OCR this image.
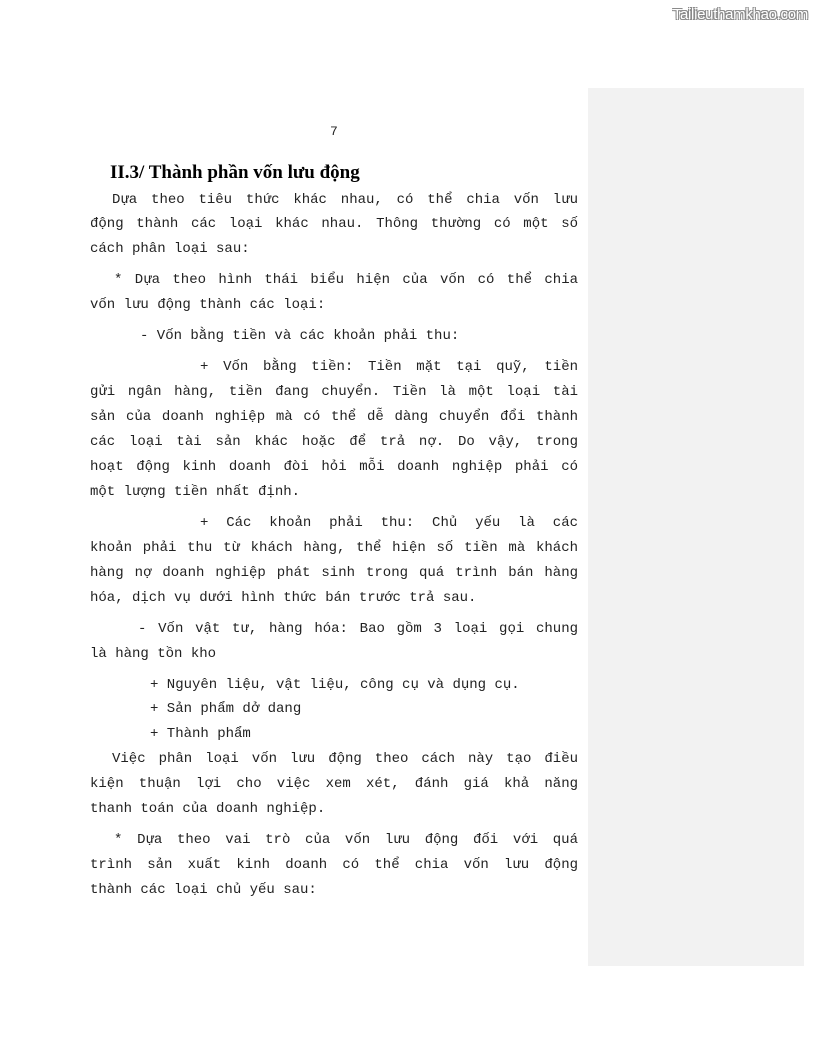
Tailieuthamkhao.com
7
II.3/ Thành phần vốn lưu động

Dựa theo tiêu thức khác nhau, có thể chia vốn lưu

động thành các loại khác nhau. Thông thường có một số

cách phân loại sau:

* Dựa theo hình thái biểu hiện của vốn có thể chia

vốn lưu động thành các loại:

- Vốn bằng tiền và các khoản phải thu:

+ Vốn bằng tiền: Tiền mặt tại quỹ, tiền

gửi ngân hàng, tiền đang chuyển. Tiền là một loại tài

sản của doanh nghiệp mà có thể dễ dàng chuyển đổi thành

các loại tài sản khác hoặc để trả nợ. Do vậy, trong

hoạt động kinh doanh đòi hỏi mỗi doanh nghiệp phải có

một lượng tiền nhất định.

+ Các khoản phải thu: Chủ yếu là các

khoản phải thu từ khách hàng, thể hiện số tiền mà khách

hàng nợ doanh nghiệp phát sinh trong quá trình bán hàng

hóa, dịch vụ dưới hình thức bán trước trả sau.

- Vốn vật tư, hàng hóa: Bao gồm 3 loại gọi chung

là hàng tồn kho

+ Nguyên liệu, vật liệu, công cụ và dụng cụ.

+ Sản phẩm dở dang

+ Thành phẩm

Việc phân loại vốn lưu động theo cách này tạo điều

kiện thuận lợi cho việc xem xét, đánh giá khả năng

thanh toán của doanh nghiệp.

* Dựa theo vai trò của vốn lưu động đối với quá

trình sản xuất kinh doanh có thể chia vốn lưu động

thành các loại chủ yếu sau:
